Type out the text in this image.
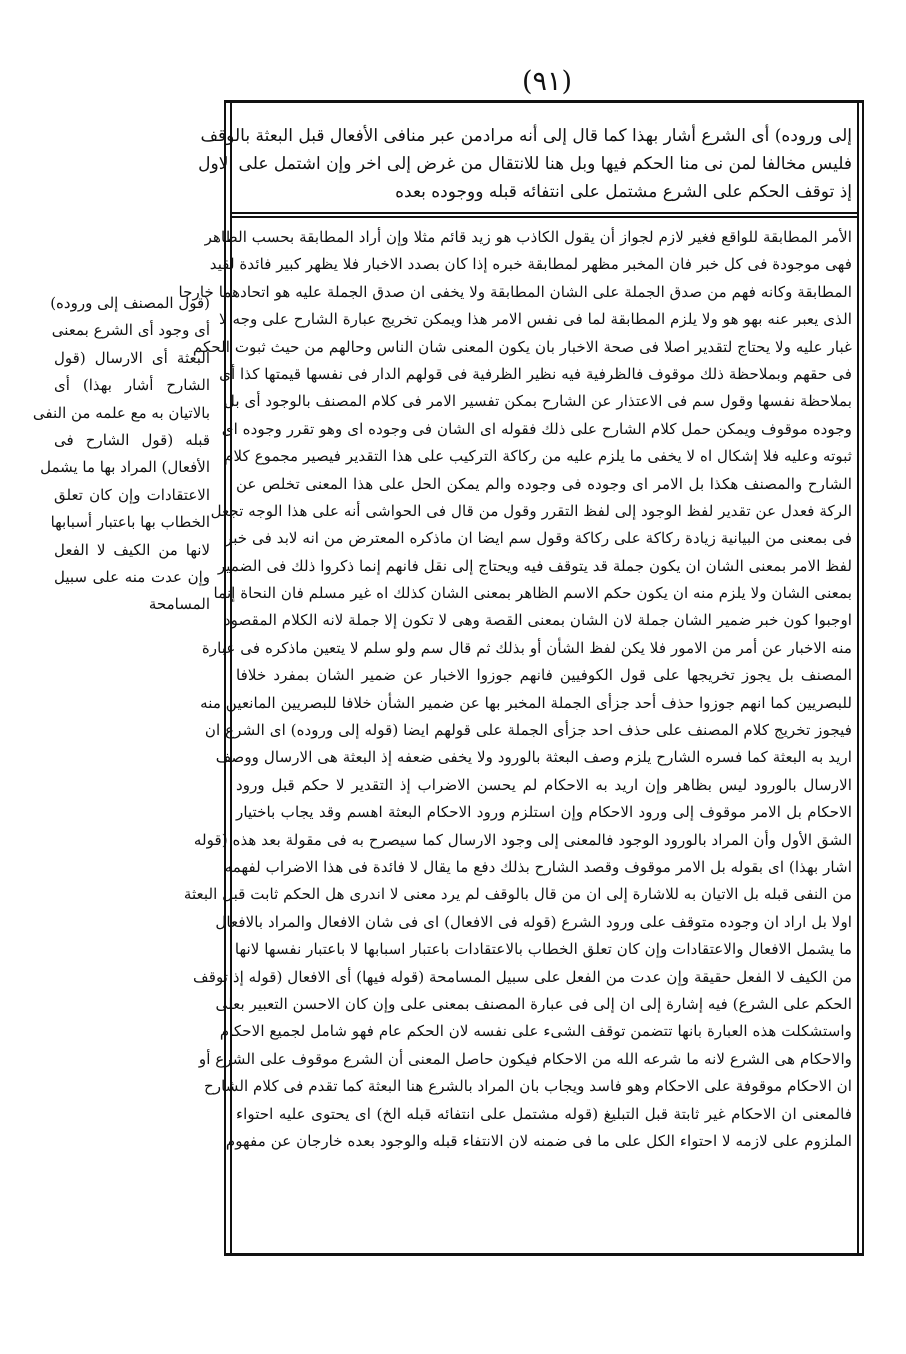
(٩١)
إلى وروده) أى الشرع أشار بهذا كما قال إلى أنه مرادمن عبر منافى الأفعال قبل البعثة بالوقف
فليس مخالفا لمن نى منا الحكم فيها وبل هنا للانتقال من غرض إلى اخر وإن اشتمل على الاول
إذ توقف الحكم على الشرع مشتمل على انتفائه قبله ووجوده بعده
الأمر المطابقة للواقع فغير لازم لجواز أن يقول الكاذب هو زيد قائم مثلا وإن أراد المطابقة بحسب الظاهر
فهى موجودة فى كل خبر فان المخبر مظهر لمطابقة خبره إذا كان بصدد الاخبار فلا يظهر كبير فائدة لقيد
المطابقة وكانه فهم من صدق الجملة على الشان المطابقة ولا يخفى ان صدق الجملة عليه هو اتحادهما خارجا
الذى يعبر عنه بهو هو ولا يلزم المطابقة لما فى نفس الامر هذا ويمكن تخريج عبارة الشارح على وجه لا
غبار عليه ولا يحتاج لتقدير اصلا فى صحة الاخبار بان يكون المعنى شان الناس وحالهم من حيث ثبوت الحكم
فى حقهم وبملاحظة ذلك موقوف فالظرفية فيه نظير الظرفية فى قولهم الدار فى نفسها قيمتها كذا أى
بملاحظة نفسها وقول سم فى الاعتذار عن الشارح بمكن تفسير الامر فى كلام المصنف بالوجود أى بل
وجوده موقوف ويمكن حمل كلام الشارح على ذلك فقوله اى الشان فى وجوده اى وهو تقرر وجوده اى
ثبوته وعليه فلا إشكال اه لا يخفى ما يلزم عليه من ركاكة التركيب على هذا التقدير فيصير مجموع كلام
الشارح والمصنف هكذا بل الامر اى وجوده فى وجوده والم يمكن الحل على هذا المعنى تخلص عن
الركة فعدل عن تقدير لفظ الوجود إلى لفظ التقرر وقول من قال فى الحواشى أنه على هذا الوجه تجعل
فى بمعنى من البيانية زيادة ركاكة على ركاكة وقول سم ايضا ان ماذكره المعترض من انه لابد فى خبر
لفظ الامر بمعنى الشان ان يكون جملة قد يتوقف فيه ويحتاج إلى نقل فانهم إنما ذكروا ذلك فى الضمير
بمعنى الشان ولا يلزم منه ان يكون حكم الاسم الظاهر بمعنى الشان كذلك اه غير مسلم فان النحاة إنما
اوجبوا كون خبر ضمير الشان جملة لان الشان بمعنى القصة وهى لا تكون إلا جملة لانه الكلام المقصود
منه الاخبار عن أمر من الامور فلا يكن لفظ الشأن أو بذلك ثم قال سم ولو سلم لا يتعين ماذكره فى عبارة
المصنف بل يجوز تخريجها على قول الكوفيين فانهم جوزوا الاخبار عن ضمير الشان بمفرد خلافا
للبصريين كما انهم جوزوا حذف أحد جزأى الجملة المخبر بها عن ضمير الشأن خلافا للبصريين المانعين منه
فيجوز تخريج كلام المصنف على حذف احد جزأى الجملة على قولهم ايضا (قوله إلى وروده) اى الشرع ان
اريد به البعثة كما فسره الشارح يلزم وصف البعثة بالورود ولا يخفى ضعفه إذ البعثة هى الارسال ووصف
الارسال بالورود ليس بظاهر وإن اريد به الاحكام لم يحسن الاضراب إذ التقدير لا حكم قبل ورود
الاحكام بل الامر موقوف إلى ورود الاحكام وإن استلزم ورود الاحكام البعثة اهسم وقد يجاب باختيار
الشق الأول وأن المراد بالورود الوجود فالمعنى إلى وجود الارسال كما سيصرح به فى مقولة بعد هذه (قوله
اشار بهذا) اى بقوله بل الامر موقوف وقصد الشارح بذلك دفع ما يقال لا فائدة فى هذا الاضراب لفهمه
من النفى قبله بل الاتيان به للاشارة إلى ان من قال بالوقف لم يرد معنى لا اندرى هل الحكم ثابت قبل البعثة
اولا بل اراد ان وجوده متوقف على ورود الشرع (قوله فى الافعال) اى فى شان الافعال والمراد بالافعال
ما يشمل الافعال والاعتقادات وإن كان تعلق الخطاب بالاعتقادات باعتبار اسبابها لا باعتبار نفسها لانها
من الكيف لا الفعل حقيقة وإن عدت من الفعل على سبيل المسامحة (قوله فيها) أى الافعال (قوله إذ توقف
الحكم على الشرع) فيه إشارة إلى ان إلى فى عبارة المصنف بمعنى على وإن كان الاحسن التعبير بعلى
واستشكلت هذه العبارة بانها تتضمن توقف الشىء على نفسه لان الحكم عام فهو شامل لجميع الاحكام
والاحكام هى الشرع لانه ما شرعه الله من الاحكام فيكون حاصل المعنى أن الشرع موقوف على الشرع أو
ان الاحكام موقوفة على الاحكام وهو فاسد ويجاب بان المراد بالشرع هنا البعثة كما تقدم فى كلام الشارح
فالمعنى ان الاحكام غير ثابتة قبل التبليغ (قوله مشتمل على انتفائه قبله الخ) اى يحتوى عليه احتواء
الملزوم على لازمه لا احتواء الكل على ما فى ضمنه لان الانتفاء قبله والوجود بعده خارجان عن مفهوم
(قول المصنف إلى وروده)
أى وجود أى الشرع بمعنى
البعثة أى الارسال (قول
الشارح أشار بهذا) أى
بالاتيان به مع علمه من النفى
قبله (قول الشارح فى
الأفعال) المراد بها ما يشمل
الاعتقادات وإن كان تعلق
الخطاب بها باعتبار أسبابها
لانها من الكيف لا الفعل
وإن عدت منه على سبيل
المسامحة
